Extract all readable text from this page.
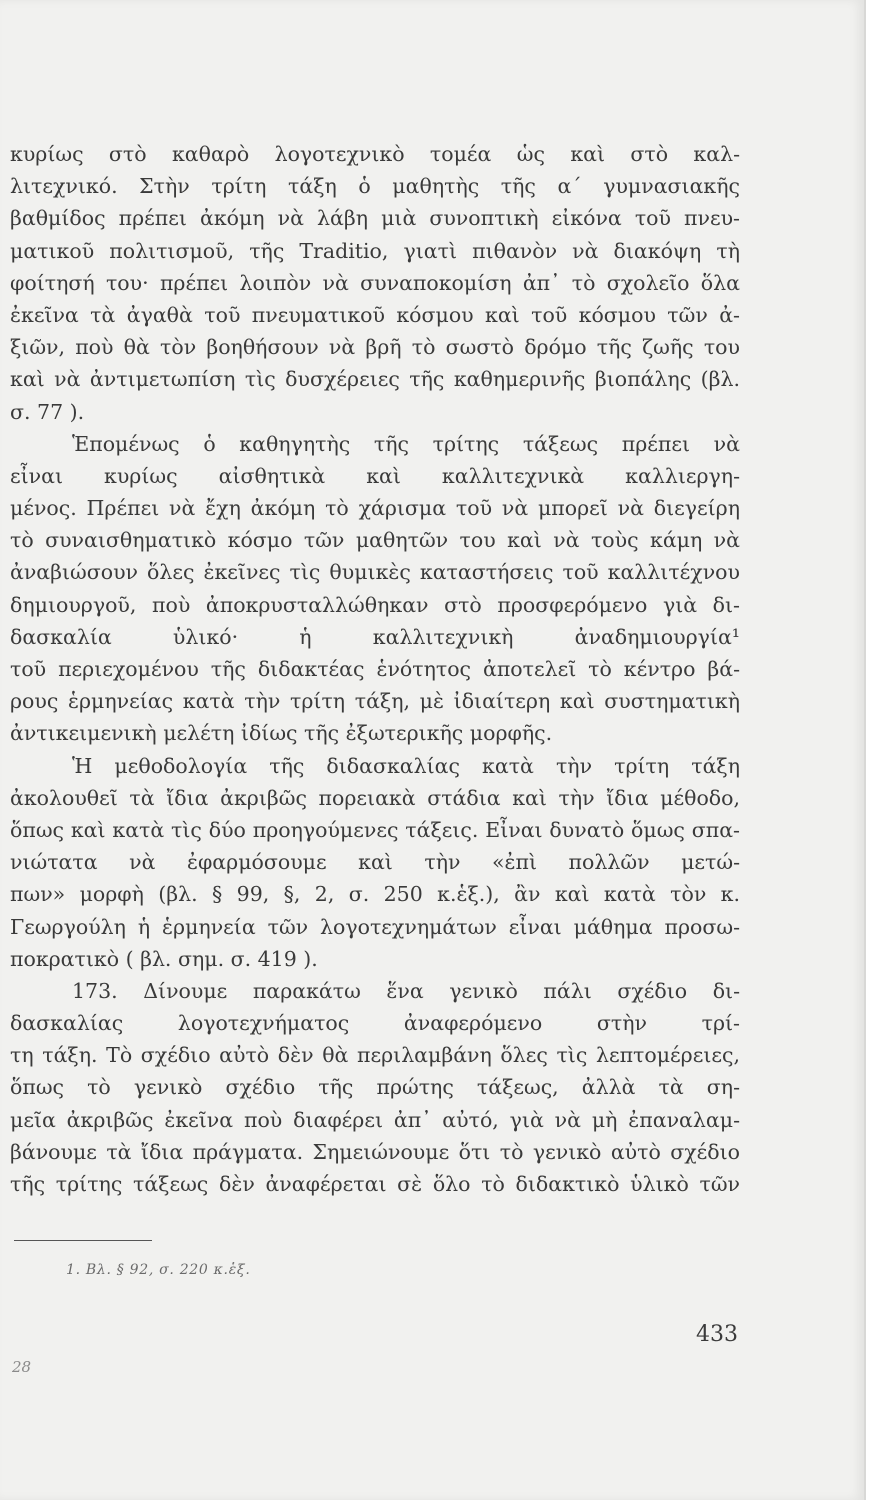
κυρίως στὸ καθαρὸ λογοτεχνικὸ τομέα ὡς καὶ στὸ καλ-
λιτεχνικό. Στὴν τρίτη τάξη ὁ μαθητὴς τῆς α΄ γυμνασιακῆς
βαθμίδος πρέπει ἀκόμη νὰ λάβη μιὰ συνοπτικὴ εἰκόνα τοῦ πνευ-
ματικοῦ πολιτισμοῦ, τῆς Traditio, γιατὶ πιθανὸν νὰ διακόψη τὴ
φοίτησή του· πρέπει λοιπὸν νὰ συναποκομίση ἀπ᾿ τὸ σχολεῖο ὅλα
ἐκεῖνα τὰ ἀγαθὰ τοῦ πνευματικοῦ κόσμου καὶ τοῦ κόσμου τῶν ἀ-
ξιῶν, ποὺ θὰ τὸν βοηθήσουν νὰ βρῆ τὸ σωστὸ δρόμο τῆς ζωῆς του
καὶ νὰ ἀντιμετωπίση τὶς δυσχέρειες τῆς καθημερινῆς βιοπάλης (βλ.
σ. 77 ).
Ἑπομένως ὁ καθηγητὴς τῆς τρίτης τάξεως πρέπει νὰ
εἶναι κυρίως αἰσθητικὰ καὶ καλλιτεχνικὰ καλλιεργη-
μένος. Πρέπει νὰ ἔχη ἀκόμη τὸ χάρισμα τοῦ νὰ μπορεῖ νὰ διεγείρη
τὸ συναισθηματικὸ κόσμο τῶν μαθητῶν του καὶ νὰ τοὺς κάμη νὰ
ἀναβιώσουν ὅλες ἐκεῖνες τὶς θυμικὲς καταστήσεις τοῦ καλλιτέχνου
δημιουργοῦ, ποὺ ἀποκρυσταλλώθηκαν στὸ προσφερόμενο γιὰ δι-
δασκαλία ὑλικό· ἡ καλλιτεχνικὴ ἀναδημιουργία¹
τοῦ περιεχομένου τῆς διδακτέας ἑνότητος ἀποτελεῖ τὸ κέντρο βά-
ρους ἑρμηνείας κατὰ τὴν τρίτη τάξη, μὲ ἰδιαίτερη καὶ συστηματικὴ
ἀντικειμενικὴ μελέτη ἰδίως τῆς ἐξωτερικῆς μορφῆς.
Ἡ μεθοδολογία τῆς διδασκαλίας κατὰ τὴν τρίτη τάξη
ἀκολουθεῖ τὰ ἴδια ἀκριβῶς πορειακὰ στάδια καὶ τὴν ἴδια μέθοδο,
ὅπως καὶ κατὰ τὶς δύο προηγούμενες τάξεις. Εἶναι δυνατὸ ὅμως σπα-
νιώτατα νὰ ἐφαρμόσουμε καὶ τὴν «ἐπὶ πολλῶν μετώ-
πων» μορφὴ (βλ. § 99, §, 2, σ. 250 κ.ἑξ.), ἂν καὶ κατὰ τὸν κ.
Γεωργούλη ἡ ἑρμηνεία τῶν λογοτεχνημάτων εἶναι μάθημα προσω-
ποκρατικὸ ( βλ. σημ. σ. 419 ).
173. Δίνουμε παρακάτω ἕνα γενικὸ πάλι σχέδιο δι-
δασκαλίας λογοτεχνήματος ἀναφερόμενο στὴν τρί-
τη τάξη. Τὸ σχέδιο αὐτὸ δὲν θὰ περιλαμβάνη ὅλες τὶς λεπτομέρειες,
ὅπως τὸ γενικὸ σχέδιο τῆς πρώτης τάξεως, ἀλλὰ τὰ ση-
μεῖα ἀκριβῶς ἐκεῖνα ποὺ διαφέρει ἀπ᾿ αὐτό, γιὰ νὰ μὴ ἐπαναλαμ-
βάνουμε τὰ ἴδια πράγματα. Σημειώνουμε ὅτι τὸ γενικὸ αὐτὸ σχέδιο
τῆς τρίτης τάξεως δὲν ἀναφέρεται σὲ ὅλο τὸ διδακτικὸ ὑλικὸ τῶν
1. Βλ. § 92, σ. 220 κ.ἑξ.
433
28
